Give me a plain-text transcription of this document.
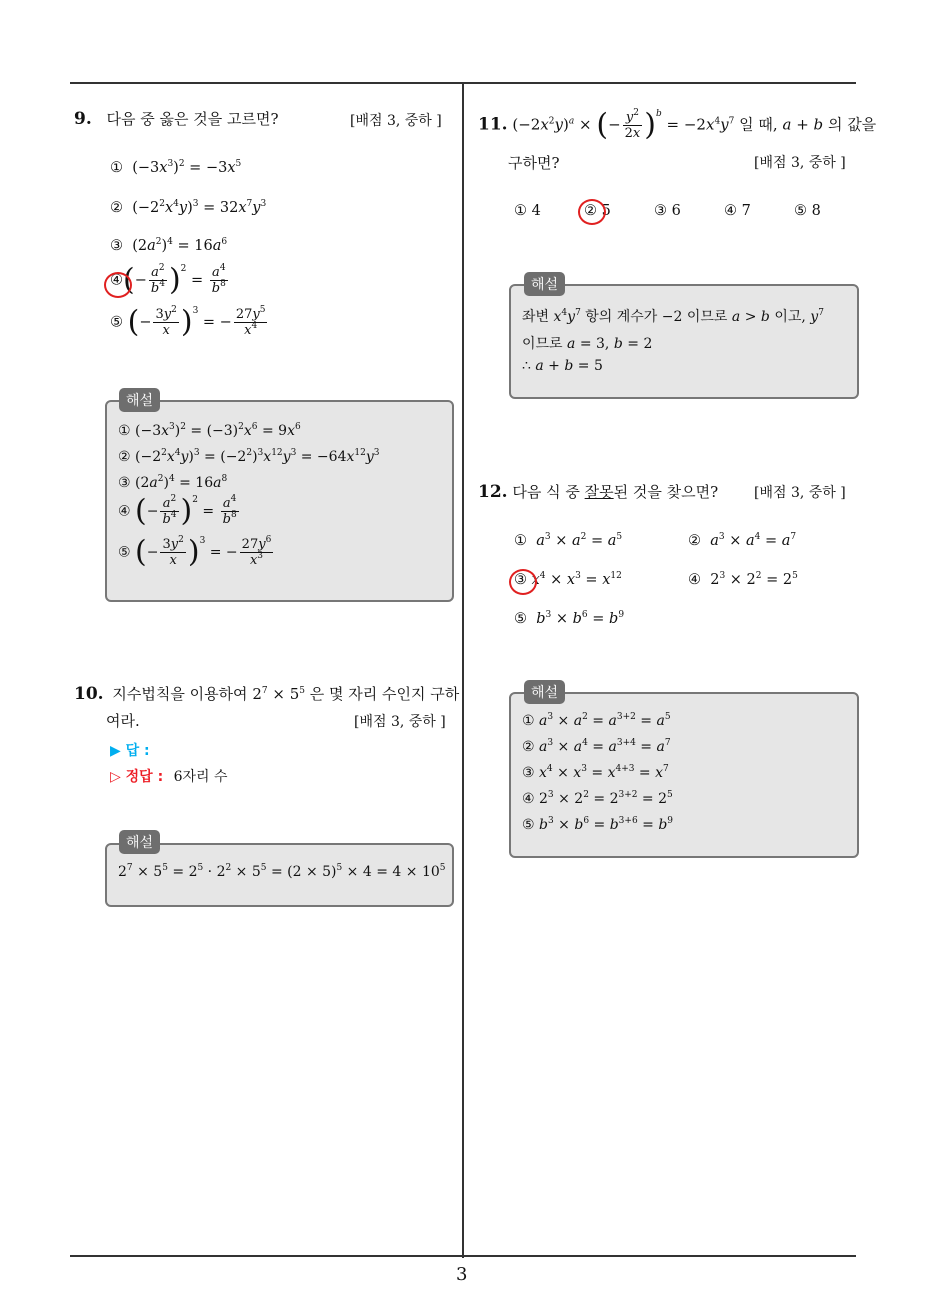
9. 다음 중 옳은 것을 고르면?	[배점 3, 중하 ]
①  $(-3x^3)^2 = -3x^5$
②  $(-2^2x^4y)^3 = 32x^7y^3$
③  $(2a^2)^4 = 16a^6$
④(− $\frac{a^2}{b^4} )^2 = \frac{a^4}{b^8}$
⑤ (− $\frac{3y^2}{x} )^3$ = − $\frac{27y^5}{x^4}$
해설
① $(-3x^3)^2 = (-3)^2x^6 = 9x^6$
② $(-2^2x^4y)^3 = (-2^2)^3x^{12}y^3 = -64x^{12}y^3$
③ $(2a^2)^4 = 16a^8$
④ (− $\frac{a^2}{b^4} )^2 = \frac{a^4}{b^8}$
⑤ (− $\frac{3y^2}{x} )^3$ = − $\frac{27y^6}{x^3}$
10. 지수법칙을 이용하여 $2^7 \times 5^5$ 은 몇 자리 수인지 구하
여라.	[배점 3, 중하 ]
▶ 답 :
▷ 정답 : 6자리 수
해설
$2^7 \times 5^5 = 2^5 \cdot 2^2 \times 5^5 = (2 \times 5)^5 \times 4 = 4 \times 10^5$
11. $(-2x^2y)^a$ × (− $\frac{y^2}{2x} )^b = -2x^4y^7$ 일 때, a + b 의 값을
구하면?	[배점 3, 중하 ]
① 4	② 5	③ 6	④ 7	⑤ 8
해설
좌변 $x^4y^7$ 항의 계수가 −2 이므로 a > b 이고, $y^7$
이므로 a = 3, b = 2
∴ a + b = 5
12. 다음 식 중 잘못된 것을 찾으면?	[배점 3, 중하 ]
①  $a^3 \times a^2 = a^5$	②  $a^3 \times a^4 = a^7$
③ $x^4 \times x^3 = x^{12}$	④  $2^3 \times 2^2 = 2^5$
⑤  $b^3 \times b^6 = b^9$
해설
① $a^3 \times a^2 = a^{3+2} = a^5$
② $a^3 \times a^4 = a^{3+4} = a^7$
③ $x^4 \times x^3 = x^{4+3} = x^7$
④ $2^3 \times 2^2 = 2^{3+2} = 2^5$
⑤ $b^3 \times b^6 = b^{3+6} = b^9$
3
